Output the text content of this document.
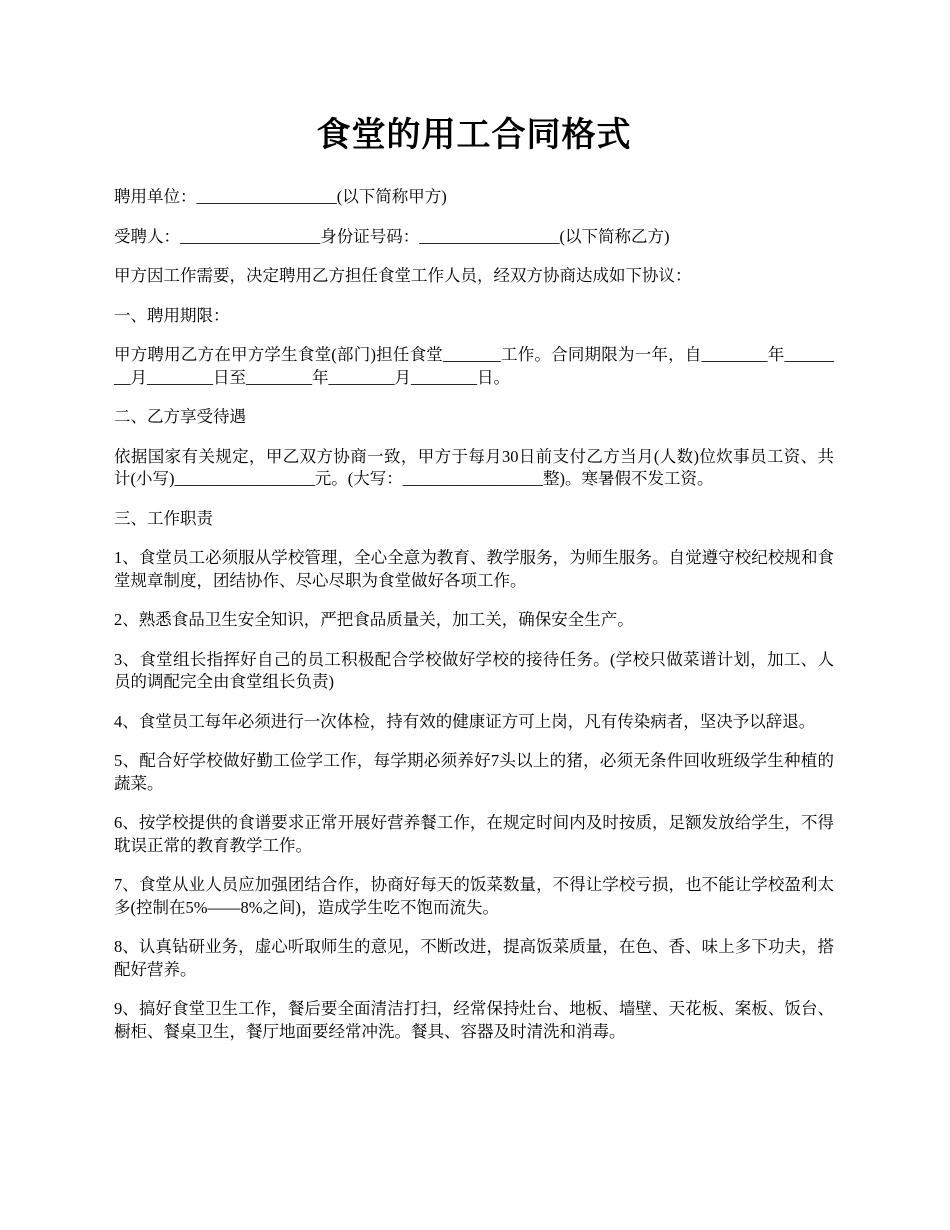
食堂的用工合同格式

聘用单位：_________________(以下简称甲方)

受聘人：_________________身份证号码：_________________(以下简称乙方)

甲方因工作需要，决定聘用乙方担任食堂工作人员，经双方协商达成如下协议：

一、聘用期限：

甲方聘用乙方在甲方学生食堂(部门)担任食堂_______工作。合同期限为一年，自________年________月________日至________年________月________日。

二、乙方享受待遇

依据国家有关规定，甲乙双方协商一致，甲方于每月30日前支付乙方当月(人数)位炊事员工资、共计(小写)_________________元。(大写：_________________整)。寒暑假不发工资。

三、工作职责

1、食堂员工必须服从学校管理，全心全意为教育、教学服务，为师生服务。自觉遵守校纪校规和食堂规章制度，团结协作、尽心尽职为食堂做好各项工作。

2、熟悉食品卫生安全知识，严把食品质量关，加工关，确保安全生产。

3、食堂组长指挥好自己的员工积极配合学校做好学校的接待任务。(学校只做菜谱计划，加工、人员的调配完全由食堂组长负责)

4、食堂员工每年必须进行一次体检，持有效的健康证方可上岗，凡有传染病者，坚决予以辞退。

5、配合好学校做好勤工俭学工作，每学期必须养好7头以上的猪，必须无条件回收班级学生种植的蔬菜。

6、按学校提供的食谱要求正常开展好营养餐工作，在规定时间内及时按质，足额发放给学生，不得耽误正常的教育教学工作。

7、食堂从业人员应加强团结合作，协商好每天的饭菜数量，不得让学校亏损，也不能让学校盈利太多(控制在5%——8%之间)，造成学生吃不饱而流失。

8、认真钻研业务，虚心听取师生的意见，不断改进，提高饭菜质量，在色、香、味上多下功夫，搭配好营养。

9、搞好食堂卫生工作，餐后要全面清洁打扫，经常保持灶台、地板、墙壁、天花板、案板、饭台、橱柜、餐桌卫生，餐厅地面要经常冲洗。餐具、容器及时清洗和消毒。
